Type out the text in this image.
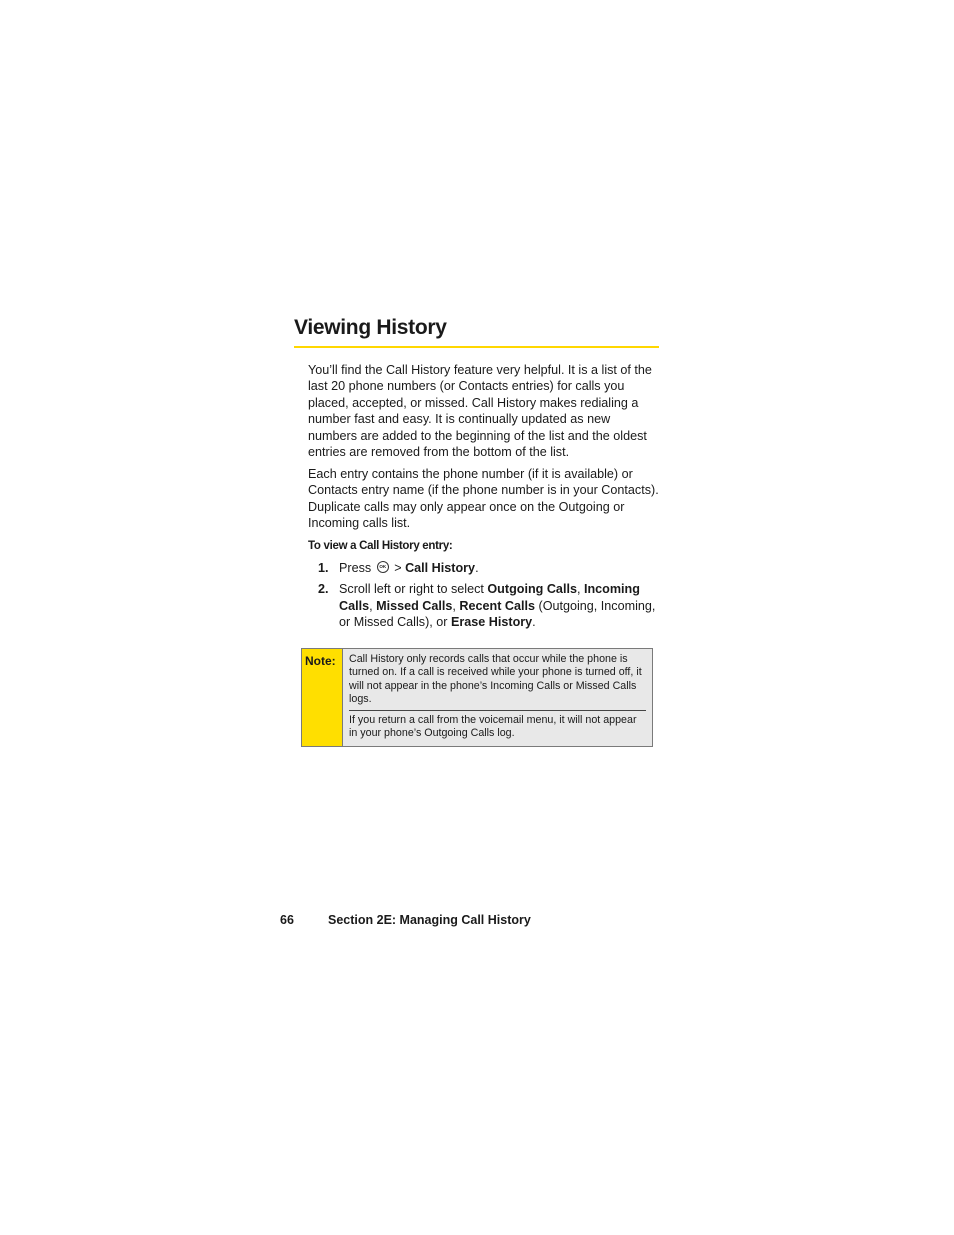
Viewing History
You’ll find the Call History feature very helpful. It is a list of the last 20 phone numbers (or Contacts entries) for calls you placed, accepted, or missed. Call History makes redialing a number fast and easy. It is continually updated as new numbers are added to the beginning of the list and the oldest entries are removed from the bottom of the list.
Each entry contains the phone number (if it is available) or Contacts entry name (if the phone number is in your Contacts). Duplicate calls may only appear once on the Outgoing or Incoming calls list.
To view a Call History entry:
1. Press OK > Call History.
2. Scroll left or right to select Outgoing Calls, Incoming Calls, Missed Calls, Recent Calls (Outgoing, Incoming, or Missed Calls), or Erase History.
Note:	Call History only records calls that occur while the phone is turned on. If a call is received while your phone is turned off, it will not appear in the phone’s Incoming Calls or Missed Calls logs.
If you return a call from the voicemail menu, it will not appear in your phone’s Outgoing Calls log.
66	Section 2E: Managing Call History
